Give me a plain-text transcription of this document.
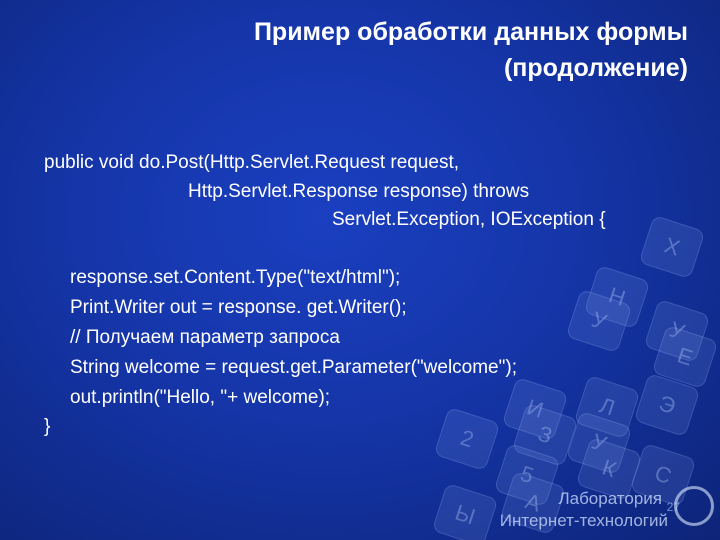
Х
Н
У	У
Е
Э
И	Л
З
2	У
К
5	С
А
Ы
Пример обработки данных формы
(продолжение)
public void do.Post(Http.Servlet.Request request,
Http.Servlet.Response response) throws
Servlet.Exception, IOException {
response.set.Content.Type("text/html");
Print.Writer out = response. get.Writer();
// Получаем параметр запроса
String welcome = request.get.Parameter("welcome");
out.println("Hello, "+ welcome);
}
27
Лаборатория
Интернет-технологий
